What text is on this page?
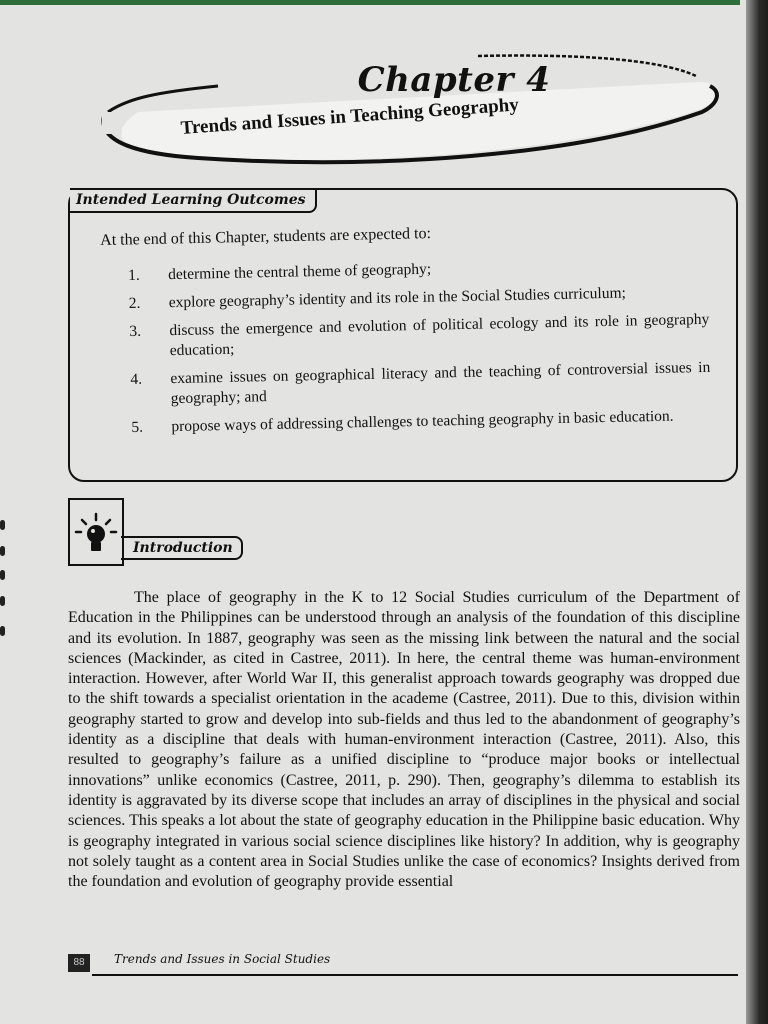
Chapter 4
Trends and Issues in Teaching Geography
Intended Learning Outcomes
At the end of this Chapter, students are expected to:
1.	determine the central theme of geography;
2.	explore geography’s identity and its role in the Social Studies curriculum;
3.	discuss the emergence and evolution of political ecology and its role in geography education;
4.	examine issues on geographical literacy and the teaching of controversial issues in geography; and
5.	propose ways of addressing challenges to teaching geography in basic education.
Introduction

The place of geography in the K to 12 Social Studies curriculum of the Department of Education in the Philippines can be understood through an analysis of the foundation of this discipline and its evolution. In 1887, geography was seen as the missing link between the natural and the social sciences (Mackinder, as cited in Castree, 2011). In here, the central theme was human-environment interaction. However, after World War II, this generalist approach towards geography was dropped due to the shift towards a specialist orientation in the academe (Castree, 2011). Due to this, division within geography started to grow and develop into sub-fields and thus led to the abandonment of geography’s identity as a discipline that deals with human-environment interaction (Castree, 2011). Also, this resulted to geography’s failure as a unified discipline to “produce major books or intellectual innovations” unlike economics (Castree, 2011, p. 290). Then, geography’s dilemma to establish its identity is aggravated by its diverse scope that includes an array of disciplines in the physical and social sciences. This speaks a lot about the state of geography education in the Philippine basic education. Why is geography integrated in various social science disciplines like history? In addition, why is geography not solely taught as a content area in Social Studies unlike the case of economics? Insights derived from the foundation and evolution of geography provide essential

88	Trends and Issues in Social Studies
